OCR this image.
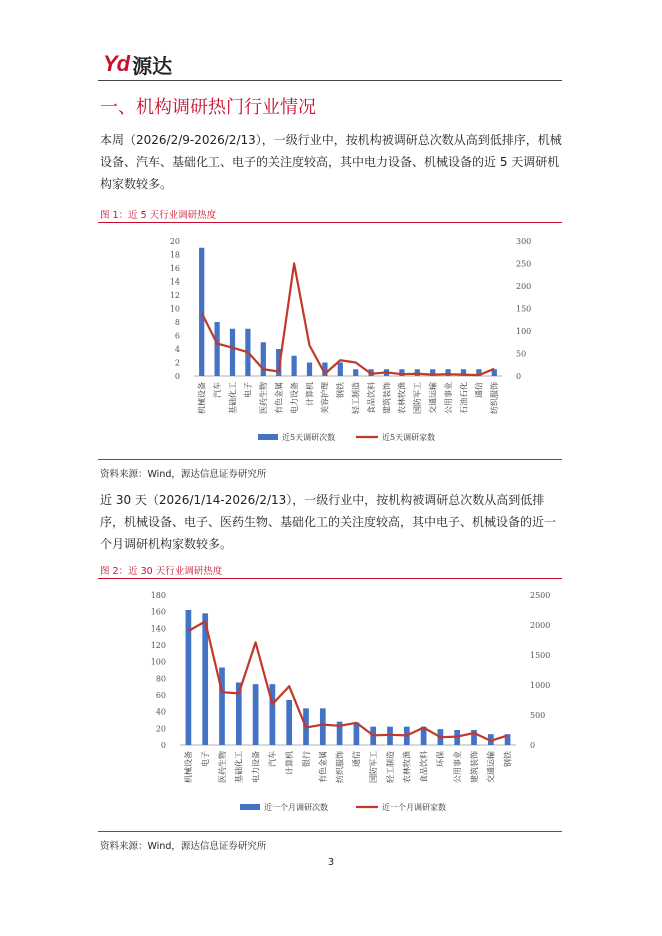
Yd 源达
一、机构调研热门行业情况
本周（2026/2/9-2026/2/13），一级行业中，按机构被调研总次数从高到低排序，机械设备、汽车、基础化工、电子的关注度较高，其中电力设备、机械设备的近 5 天调研机构家数较多。
图 1：近 5 天行业调研热度
0
2
4
6
8
10
12
14
16
18
20
0
50
100
150
200
250
300
机械设备 汽车 基础化工 电子 医药生物 有色金属 电力设备 计算机 美容护理 钢铁 轻工制造 食品饮料 建筑装饰 农林牧渔 国防军工 交通运输 公用事业 石油石化 通信 纺织服饰
近5天调研次数	近5天调研家数
资料来源：Wind，源达信息证券研究所
近 30 天（2026/1/14-2026/2/13），一级行业中，按机构被调研总次数从高到低排序，机械设备、电子、医药生物、基础化工的关注度较高，其中电子、机械设备的近一个月调研机构家数较多。
图 2：近 30 天行业调研热度
0
20
40
60
80
100
120
140
160
180
0
500
1000
1500
2000
2500
机械设备 电子 医药生物 基础化工 电力设备 汽车 计算机 银行 有色金属 纺织服饰 通信 国防军工 轻工制造 农林牧渔 食品饮料 环保 公用事业 建筑装饰 交通运输 钢铁
近一个月调研次数	近一个月调研家数
资料来源：Wind，源达信息证券研究所
3
